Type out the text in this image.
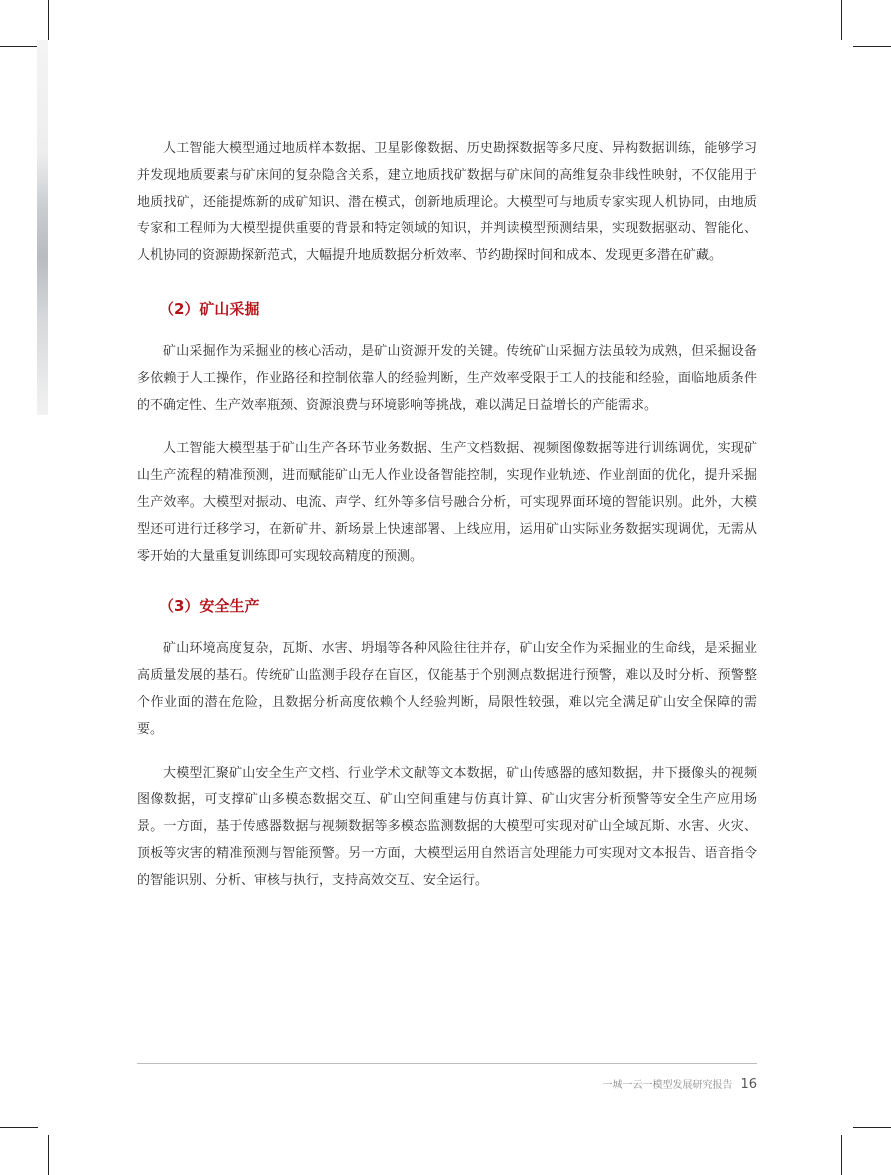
人工智能大模型通过地质样本数据、卫星影像数据、历史勘探数据等多尺度、异构数据训练，能够学习并发现地质要素与矿床间的复杂隐含关系，建立地质找矿数据与矿床间的高维复杂非线性映射，不仅能用于地质找矿，还能提炼新的成矿知识、潜在模式，创新地质理论。大模型可与地质专家实现人机协同，由地质专家和工程师为大模型提供重要的背景和特定领域的知识，并判读模型预测结果，实现数据驱动、智能化、人机协同的资源勘探新范式，大幅提升地质数据分析效率、节约勘探时间和成本、发现更多潜在矿藏。

（2）矿山采掘

矿山采掘作为采掘业的核心活动，是矿山资源开发的关键。传统矿山采掘方法虽较为成熟，但采掘设备多依赖于人工操作，作业路径和控制依靠人的经验判断，生产效率受限于工人的技能和经验，面临地质条件的不确定性、生产效率瓶颈、资源浪费与环境影响等挑战，难以满足日益增长的产能需求。

人工智能大模型基于矿山生产各环节业务数据、生产文档数据、视频图像数据等进行训练调优，实现矿山生产流程的精准预测，进而赋能矿山无人作业设备智能控制，实现作业轨迹、作业剖面的优化，提升采掘生产效率。大模型对振动、电流、声学、红外等多信号融合分析，可实现界面环境的智能识别。此外，大模型还可进行迁移学习，在新矿井、新场景上快速部署、上线应用，运用矿山实际业务数据实现调优，无需从零开始的大量重复训练即可实现较高精度的预测。

（3）安全生产

矿山环境高度复杂，瓦斯、水害、坍塌等各种风险往往并存，矿山安全作为采掘业的生命线，是采掘业高质量发展的基石。传统矿山监测手段存在盲区，仅能基于个别测点数据进行预警，难以及时分析、预警整个作业面的潜在危险，且数据分析高度依赖个人经验判断，局限性较强，难以完全满足矿山安全保障的需要。

大模型汇聚矿山安全生产文档、行业学术文献等文本数据，矿山传感器的感知数据，井下摄像头的视频图像数据，可支撑矿山多模态数据交互、矿山空间重建与仿真计算、矿山灾害分析预警等安全生产应用场景。一方面，基于传感器数据与视频数据等多模态监测数据的大模型可实现对矿山全域瓦斯、水害、火灾、顶板等灾害的精准预测与智能预警。另一方面，大模型运用自然语言处理能力可实现对文本报告、语音指令的智能识别、分析、审核与执行，支持高效交互、安全运行。

一城一云一模型发展研究报告 16
